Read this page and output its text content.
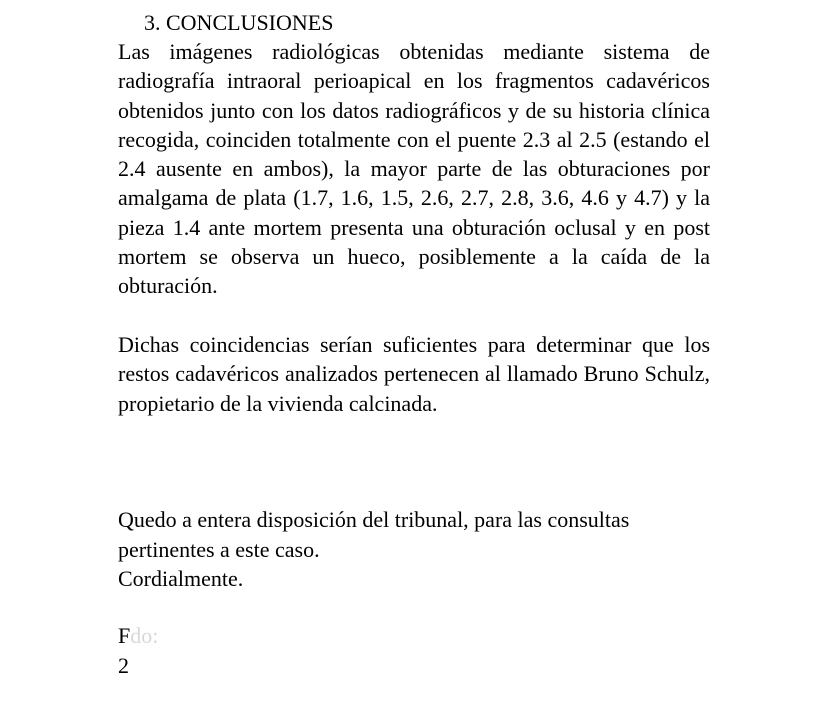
3. CONCLUSIONES

Las imágenes radiológicas obtenidas mediante sistema de radiografía intraoral perioapical en los fragmentos cadavéricos obtenidos junto con los datos radiográficos y de su historia clínica recogida, coinciden totalmente con el puente 2.3 al 2.5 (estando el 2.4 ausente en ambos), la mayor parte de las obturaciones por amalgama de plata (1.7, 1.6, 1.5, 2.6, 2.7, 2.8, 3.6, 4.6 y 4.7) y la pieza 1.4 ante mortem presenta una obturación oclusal y en post mortem se observa un hueco, posiblemente a la caída de la obturación.

Dichas coincidencias serían suficientes para determinar que los restos cadavéricos analizados pertenecen al llamado Bruno Schulz, propietario de la vivienda calcinada.

Quedo a entera disposición del tribunal, para las consultas

pertinentes a este caso.

Cordialmente.

Fdo:
2
